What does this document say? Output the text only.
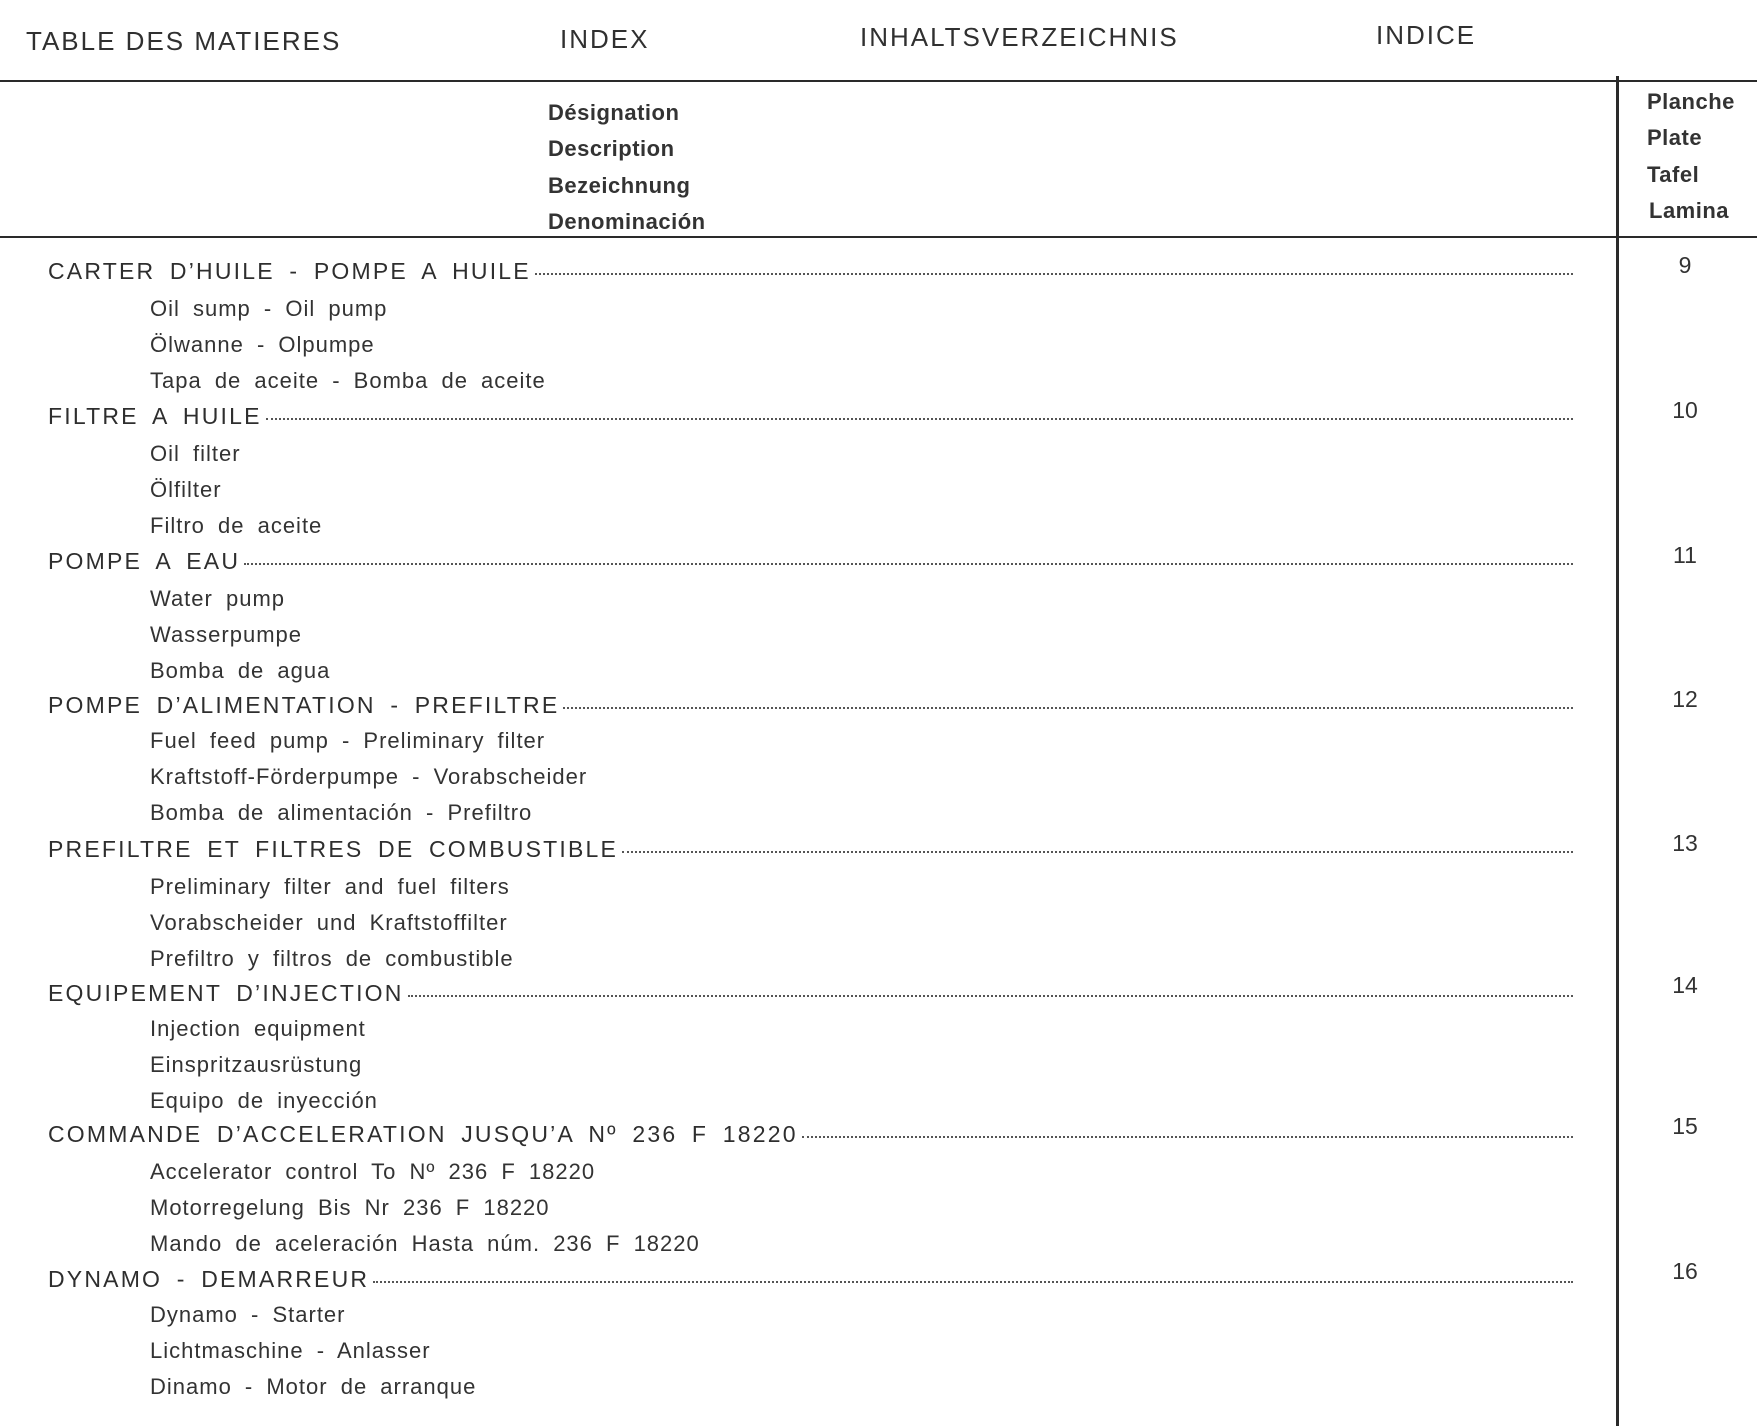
TABLE DES MATIERES	INDEX	INHALTSVERZEICHNIS	INDICE
Désignation
Description
Bezeichnung
Denominación
Planche
Plate
Tafel
Lamina
CARTER D’HUILE - POMPE A HUILE	9
Oil sump - Oil pump
Ölwanne - Olpumpe
Tapa de aceite - Bomba de aceite
FILTRE A HUILE	10
Oil filter
Ölfilter
Filtro de aceite
POMPE A EAU	11
Water pump
Wasserpumpe
Bomba de agua
POMPE D’ALIMENTATION - PREFILTRE	12
Fuel feed pump - Preliminary filter
Kraftstoff-Förderpumpe - Vorabscheider
Bomba de alimentación - Prefiltro
PREFILTRE ET FILTRES DE COMBUSTIBLE	13
Preliminary filter and fuel filters
Vorabscheider und Kraftstoffilter
Prefiltro y filtros de combustible
EQUIPEMENT D’INJECTION	14
Injection equipment
Einspritzausrüstung
Equipo de inyección
COMMANDE D’ACCELERATION JUSQU’A Nº 236 F 18220	15
Accelerator control To Nº 236 F 18220
Motorregelung Bis Nr 236 F 18220
Mando de aceleración Hasta núm. 236 F 18220
DYNAMO - DEMARREUR	16
Dynamo - Starter
Lichtmaschine - Anlasser
Dinamo - Motor de arranque
